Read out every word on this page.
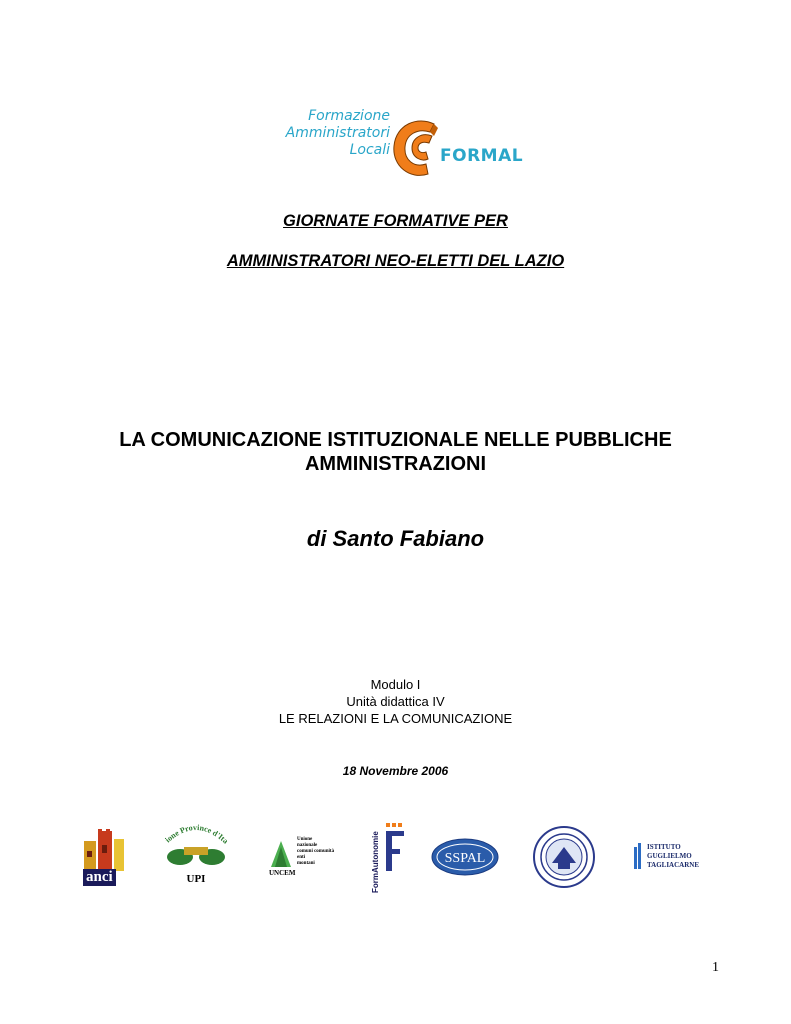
Formazione
Amministratori
Locali	FORMAL
GIORNATE FORMATIVE PER
AMMINISTRATORI NEO-ELETTI DEL LAZIO
LA COMUNICAZIONE ISTITUZIONALE NELLE PUBBLICHE
AMMINISTRAZIONI
di Santo Fabiano
Modulo I
Unità didattica IV
LE RELAZIONI E LA COMUNICAZIONE
18 Novembre 2006
anci
ione Province d'Ita
UPI
Unione
nazionale
comuni comunità
enti
montani
UNCEM	FormAutonomie	SSPAL
ISTITUTO
GUGLIELMO
TAGLIACARNE
1
